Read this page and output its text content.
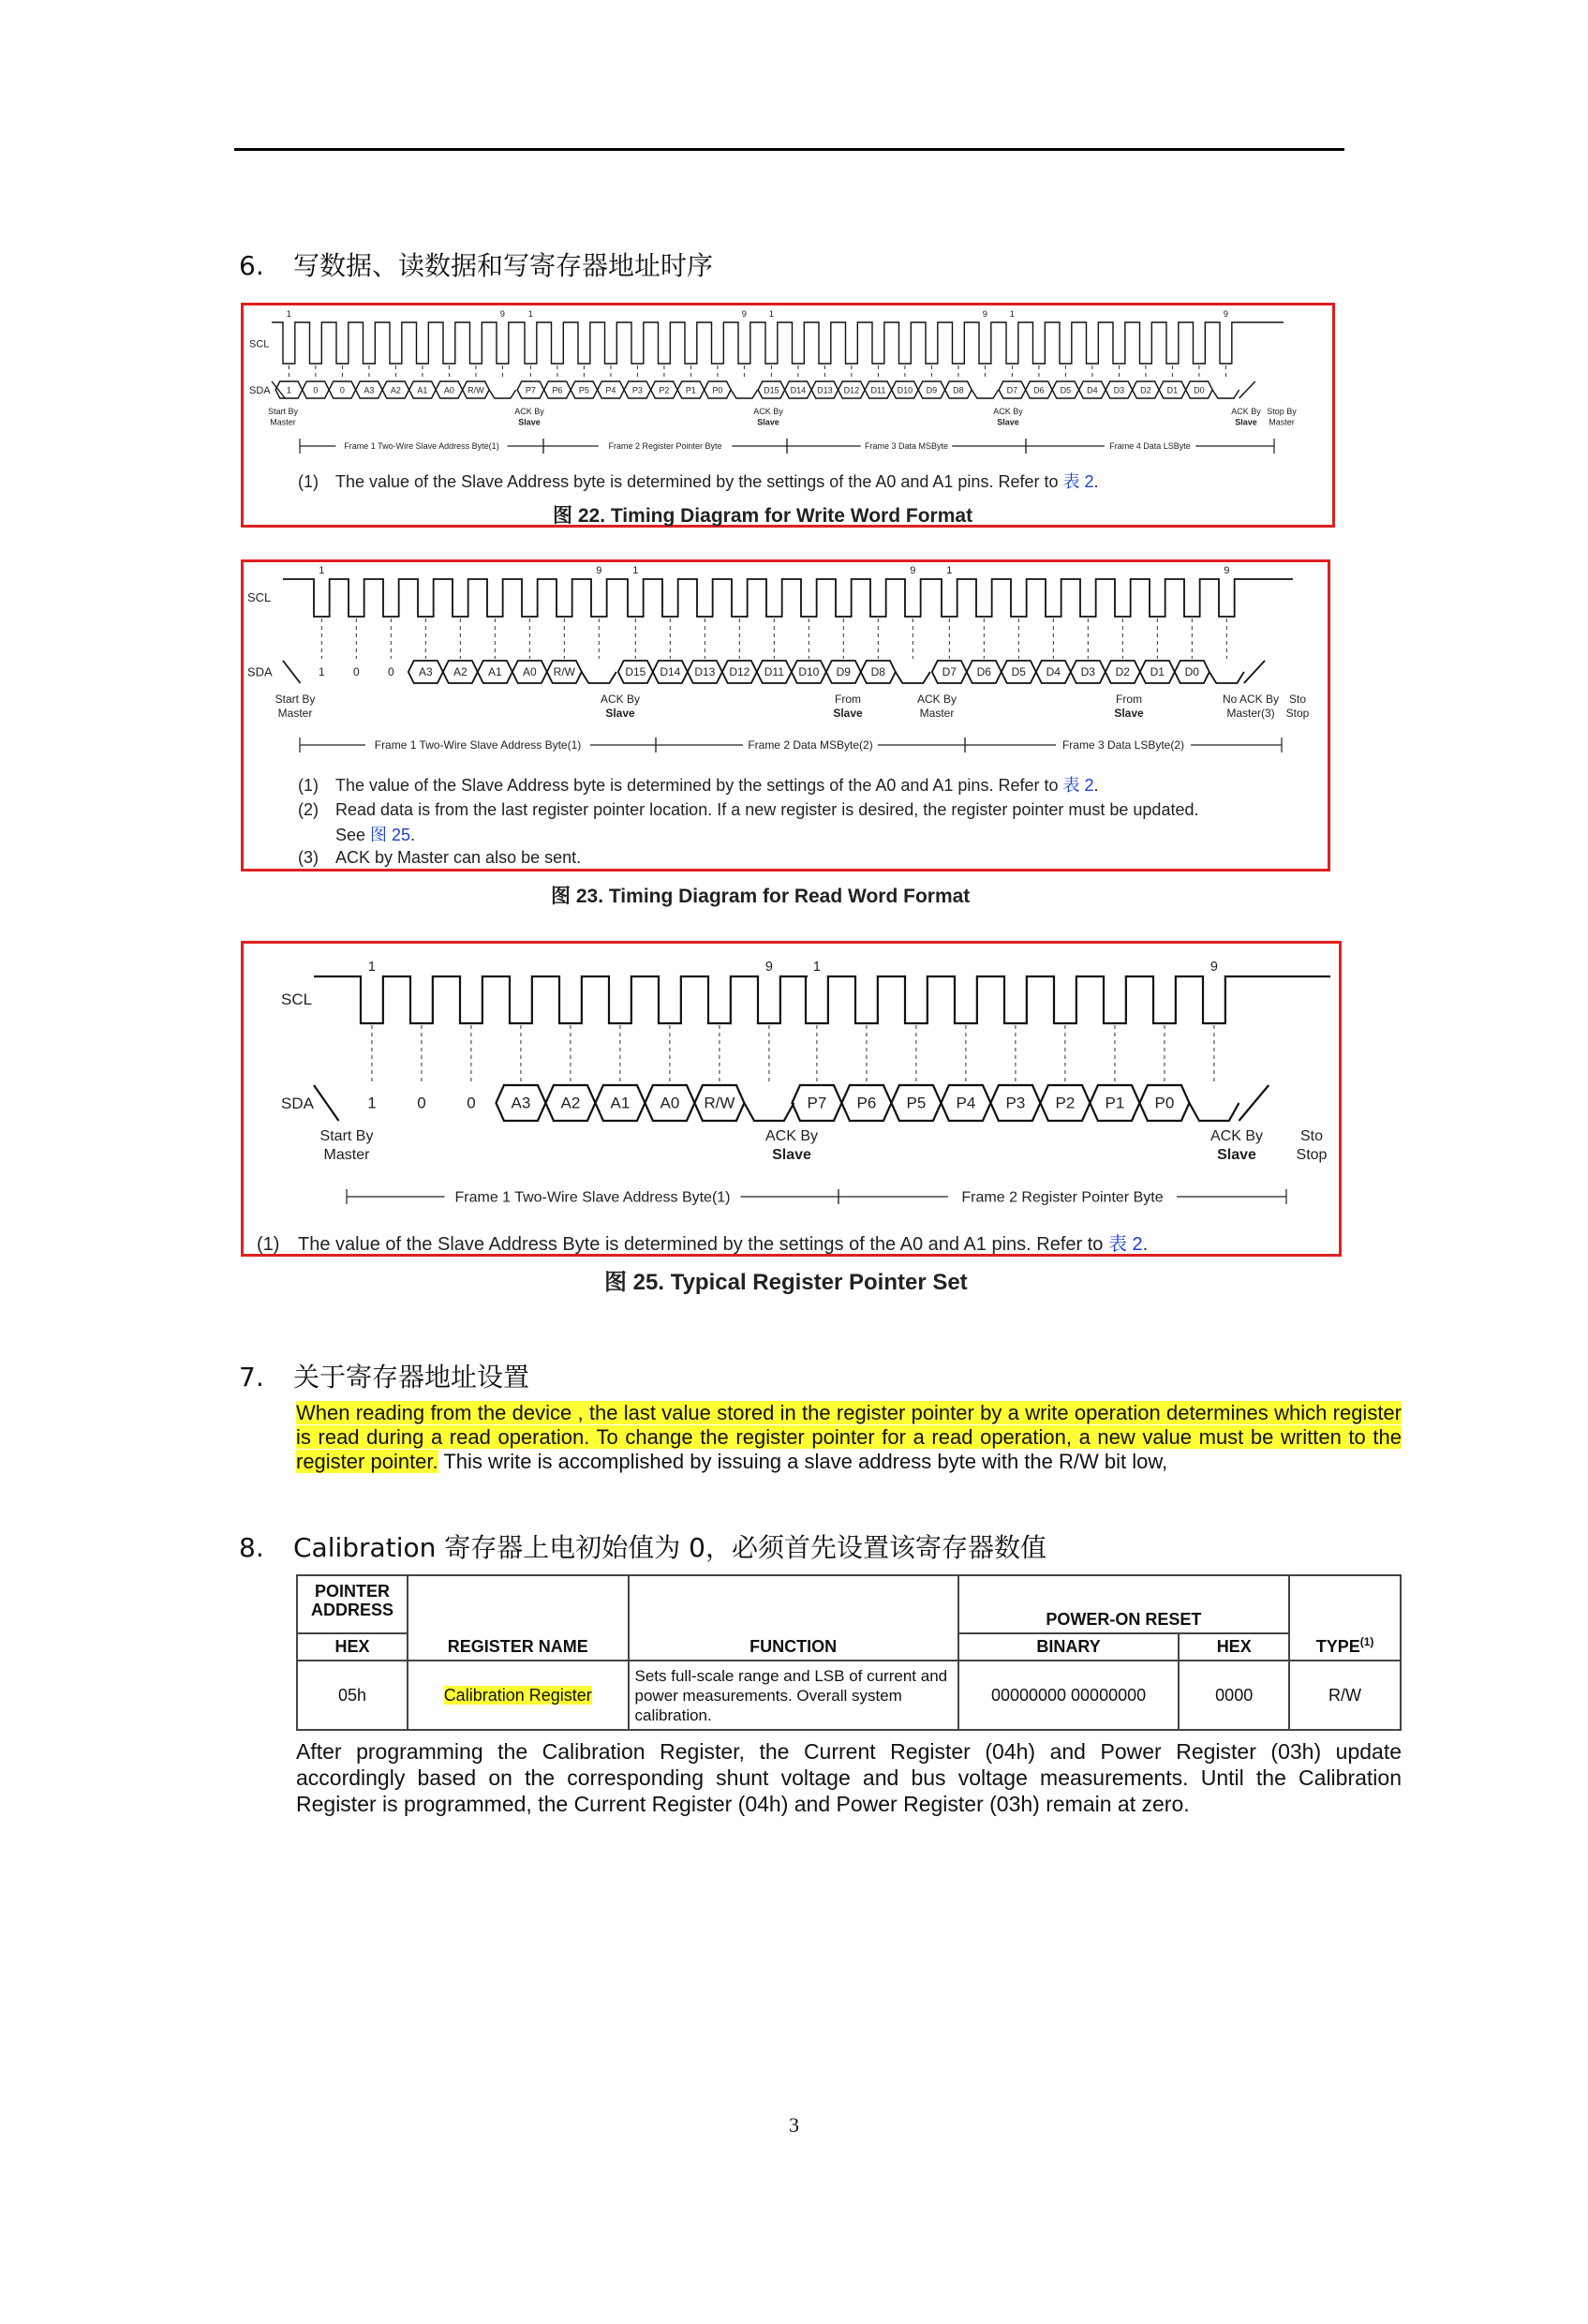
6. 写数据、读数据和写寄存器地址时序
SCL
SDA
1	9	1	9	1	9	1	9
1	0	0 A3 A2 A1 A0 R/W	P7 P6 P5 P4 P3 P2 P1 P0	D15 D14 D13 D12 D11 D10 D9 D8	D7 D6 D5 D4 D3 D2 D1 D0
Start By Master
ACK By Slave
ACK By Slave
ACK By Slave
ACK By Slave
Stop By Master
Frame 1 Two-Wire Slave Address Byte(1)	Frame 2 Register Pointer Byte	Frame 3 Data MSByte	Frame 4 Data LSByte
(1) The value of the Slave Address byte is determined by the settings of the A0 and A1 pins. Refer to 表 2.
图 22. Timing Diagram for Write Word Format
SCL
SDA
1	9	1	9	1	9
1	0	0 A3 A2 A1 A0 R/W	D15 D14 D13 D12 D11 D10 D9 D8	D7 D6 D5 D4 D3 D2 D1 D0
Start By Master
ACK By Slave
From Slave
ACK By Master
From Slave
No ACK By Master(3)
Sto Stop
Frame 1 Two-Wire Slave Address Byte(1)	Frame 2 Data MSByte(2)	Frame 3 Data LSByte(2)
(1) The value of the Slave Address byte is determined by the settings of the A0 and A1 pins. Refer to 表 2.
(2) Read data is from the last register pointer location. If a new register is desired, the register pointer must be updated.
See 图 25.
(3) ACK by Master can also be sent.
图 23. Timing Diagram for Read Word Format
SCL
SDA
1	9	1	9
1	0	0 A3 A2 A1 A0 R/W	P7 P6 P5 P4 P3 P2 P1 P0
Start By Master
ACK By Slave
ACK By Slave
Sto Stop
Frame 1 Two-Wire Slave Address Byte(1)	Frame 2 Register Pointer Byte
(1) The value of the Slave Address Byte is determined by the settings of the A0 and A1 pins. Refer to 表 2.
图 25. Typical Register Pointer Set
7. 关于寄存器地址设置
When reading from the device , the last value stored in the register pointer by a write operation determines which register is read during a read operation. To change the register pointer for a read operation, a new value must be written to the register pointer. This write is accomplished by issuing a slave address byte with the R/W bit low,
8. Calibration 寄存器上电初始值为 0，必须首先设置该寄存器数值
POINTER ADDRESS	REGISTER NAME	FUNCTION	POWER-ON RESET		TYPE$^{(1)}$
HEX			BINARY	HEX	
05h	Calibration Register	Sets full-scale range and LSB of current and power measurements. Overall system calibration.	00000000 00000000	0000	R/W
After programming the Calibration Register, the Current Register (04h) and Power Register (03h) update accordingly based on the corresponding shunt voltage and bus voltage measurements. Until the Calibration Register is programmed, the Current Register (04h) and Power Register (03h) remain at zero.
3
